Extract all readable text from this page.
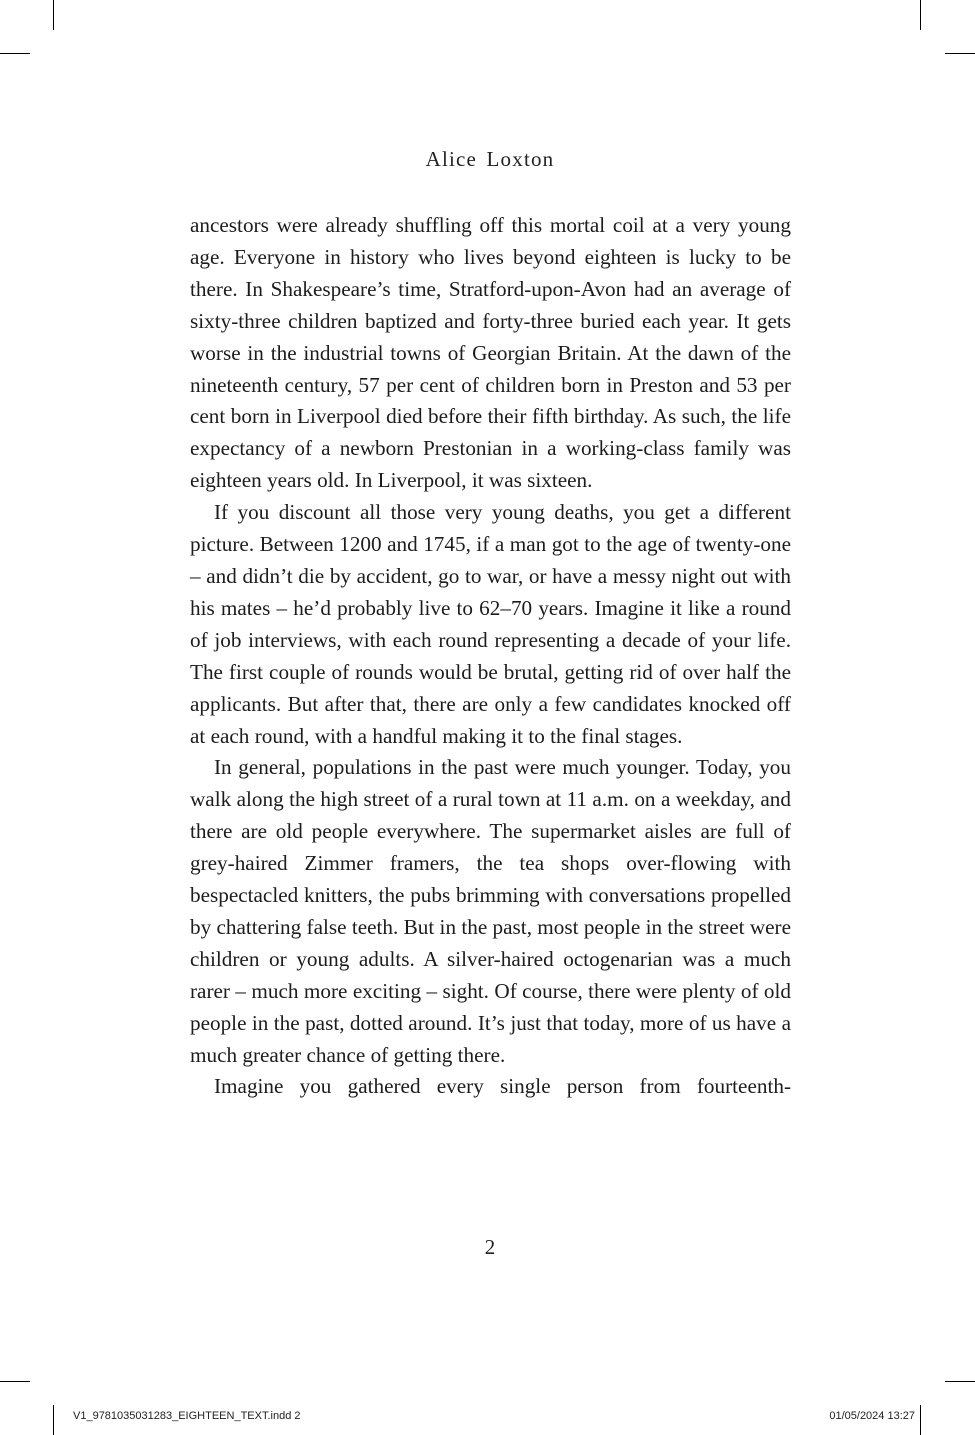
Alice Loxton

ancestors were already shuffling off this mortal coil at a very young age. Everyone in history who lives beyond eighteen is lucky to be there. In Shakespeare’s time, Stratford-upon-Avon had an average of sixty-three children baptized and forty-three buried each year. It gets worse in the industrial towns of Georgian Britain. At the dawn of the nineteenth century, 57 per cent of children born in Preston and 53 per cent born in Liverpool died before their fifth birthday. As such, the life expectancy of a newborn Prestonian in a working-class family was eighteen years old. In Liverpool, it was sixteen.

If you discount all those very young deaths, you get a different picture. Between 1200 and 1745, if a man got to the age of twenty-one – and didn’t die by accident, go to war, or have a messy night out with his mates – he’d probably live to 62–70 years. Imagine it like a round of job interviews, with each round representing a decade of your life. The first couple of rounds would be brutal, getting rid of over half the applicants. But after that, there are only a few candidates knocked off at each round, with a handful making it to the final stages.

In general, populations in the past were much younger. Today, you walk along the high street of a rural town at 11 a.m. on a weekday, and there are old people everywhere. The supermarket aisles are full of grey-haired Zimmer framers, the tea shops over-flowing with bespectacled knitters, the pubs brimming with conversations propelled by chattering false teeth. But in the past, most people in the street were children or young adults. A silver-haired octogenarian was a much rarer – much more exciting – sight. Of course, there were plenty of old people in the past, dotted around. It’s just that today, more of us have a much greater chance of getting there.

Imagine you gathered every single person from fourteenth-

2
V1_9781035031283_EIGHTEEN_TEXT.indd 2	01/05/2024 13:27
